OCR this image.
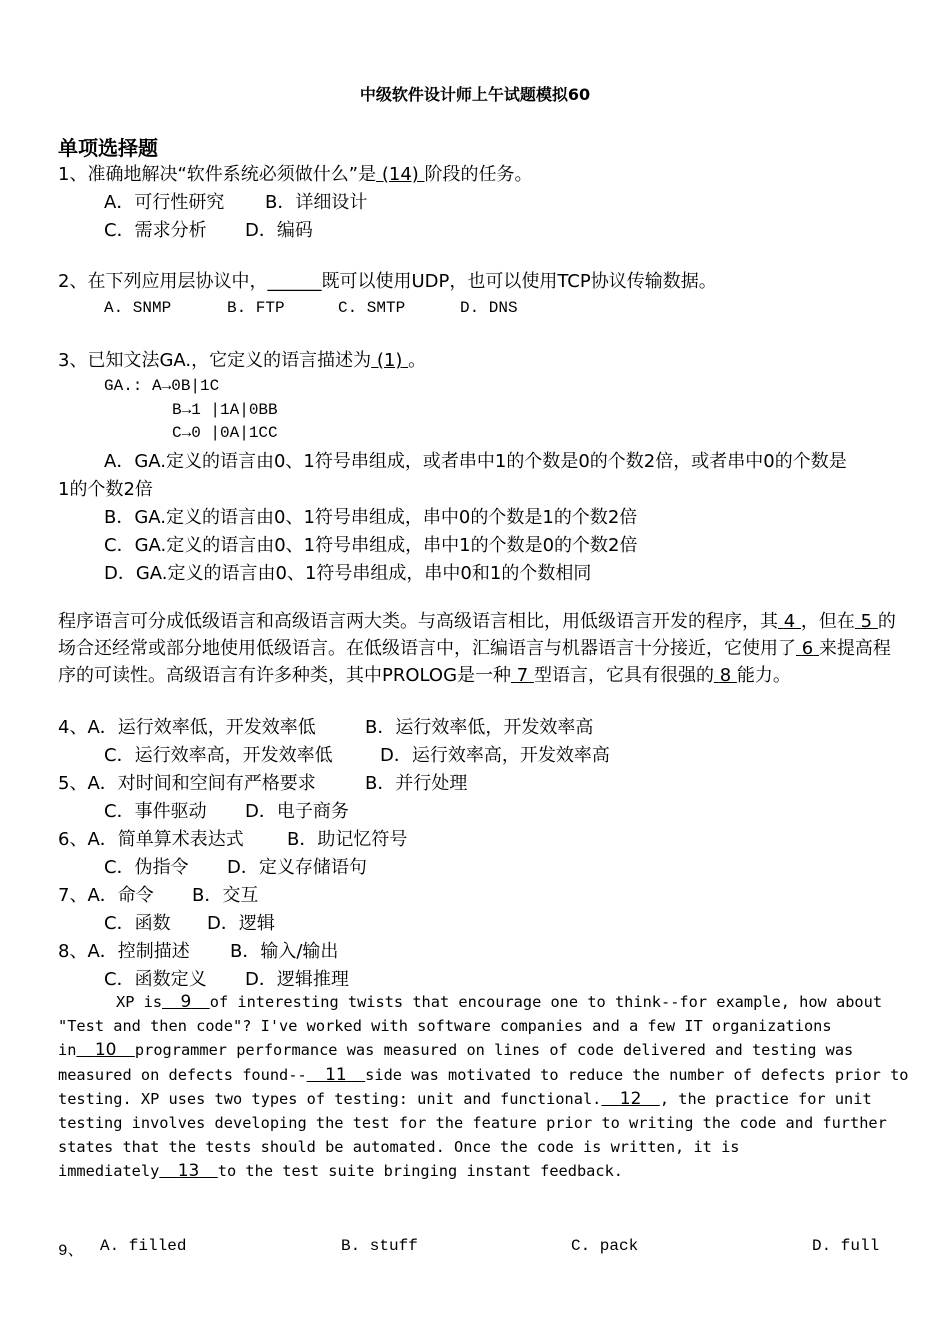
中级软件设计师上午试题模拟60
单项选择题
1、准确地解决“软件系统必须做什么”是 (14) 阶段的任务。
A．可行性研究 B．详细设计
C．需求分析 D．编码
2、在下列应用层协议中，______既可以使用UDP，也可以使用TCP协议传输数据。
A. SNMP	B. FTP	C. SMTP	D. DNS
3、已知文法GA.，它定义的语言描述为 (1) 。
GA.: A→0B|1C
B→1 |1A|0BB
C→0 |0A|1CC
A．GA.定义的语言由0、1符号串组成，或者串中1的个数是0的个数2倍，或者串中0的个数是
1的个数2倍
B．GA.定义的语言由0、1符号串组成，串中0的个数是1的个数2倍
C．GA.定义的语言由0、1符号串组成，串中1的个数是0的个数2倍
D．GA.定义的语言由0、1符号串组成，串中0和1的个数相同
程序语言可分成低级语言和高级语言两大类。与高级语言相比，用低级语言开发的程序，其 4 ，但在 5 的场合还经常或部分地使用低级语言。在低级语言中，汇编语言与机器语言十分接近，它使用了 6 来提高程序的可读性。高级语言有许多种类，其中PROLOG是一种 7 型语言，它具有很强的 8 能力。
4、A．运行效率低，开发效率低	B．运行效率低，开发效率高
C．运行效率高，开发效率低	D．运行效率高，开发效率高
5、A．对时间和空间有严格要求	B．并行处理
C．事件驱动 D．电子商务
6、A．简单算术表达式 B．助记忆符号
C．伪指令 D．定义存储语句
7、A．命令 B．交互
C．函数 D．逻辑
8、A．控制描述 B．输入/输出
C．函数定义 D．逻辑推理
XP is 9 of interesting twists that encourage one to think--for example, how about "Test and then code"? I've worked with software companies and a few IT organizations in 10 programmer performance was measured on lines of code delivered and testing was measured on defects found-- 11 side was motivated to reduce the number of defects prior to testing. XP uses two types of testing: unit and functional. 12 , the practice for unit testing involves developing the test for the feature prior to writing the code and further states that the tests should be automated. Once the code is written, it is immediately 13 to the test suite bringing instant feedback.
9、 A. filled	B. stuff	C. pack	D. full
